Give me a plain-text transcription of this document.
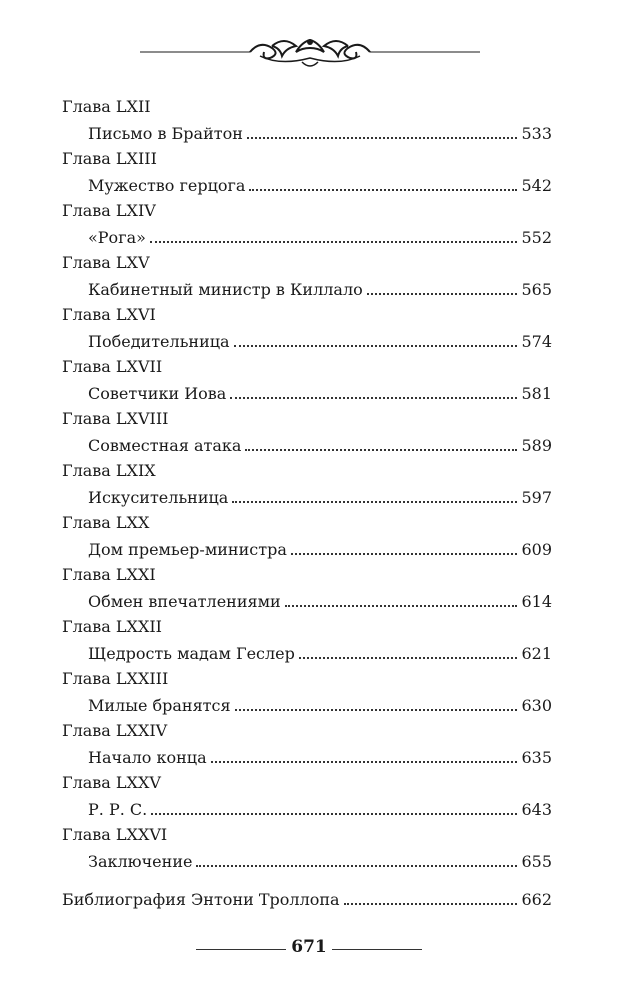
Глава LXII
Письмо в Брайтон	533
Глава LXIII
Мужество герцога	542
Глава LXIV
«Рога»	552
Глава LXV
Кабинетный министр в Киллало	565
Глава LXVI
Победительница	574
Глава LXVII
Советчики Иова	581
Глава LXVIII
Совместная атака	589
Глава LXIX
Искусительница	597
Глава LXX
Дом премьер-министра	609
Глава LXXI
Обмен впечатлениями	614
Глава LXXII
Щедрость мадам Геслер	621
Глава LXXIII
Милые бранятся	630
Глава LXXIV
Начало конца	635
Глава LXXV
Р. Р. С.	643
Глава LXXVI
Заключение	655
Библиография Энтони Троллопа	662
671
